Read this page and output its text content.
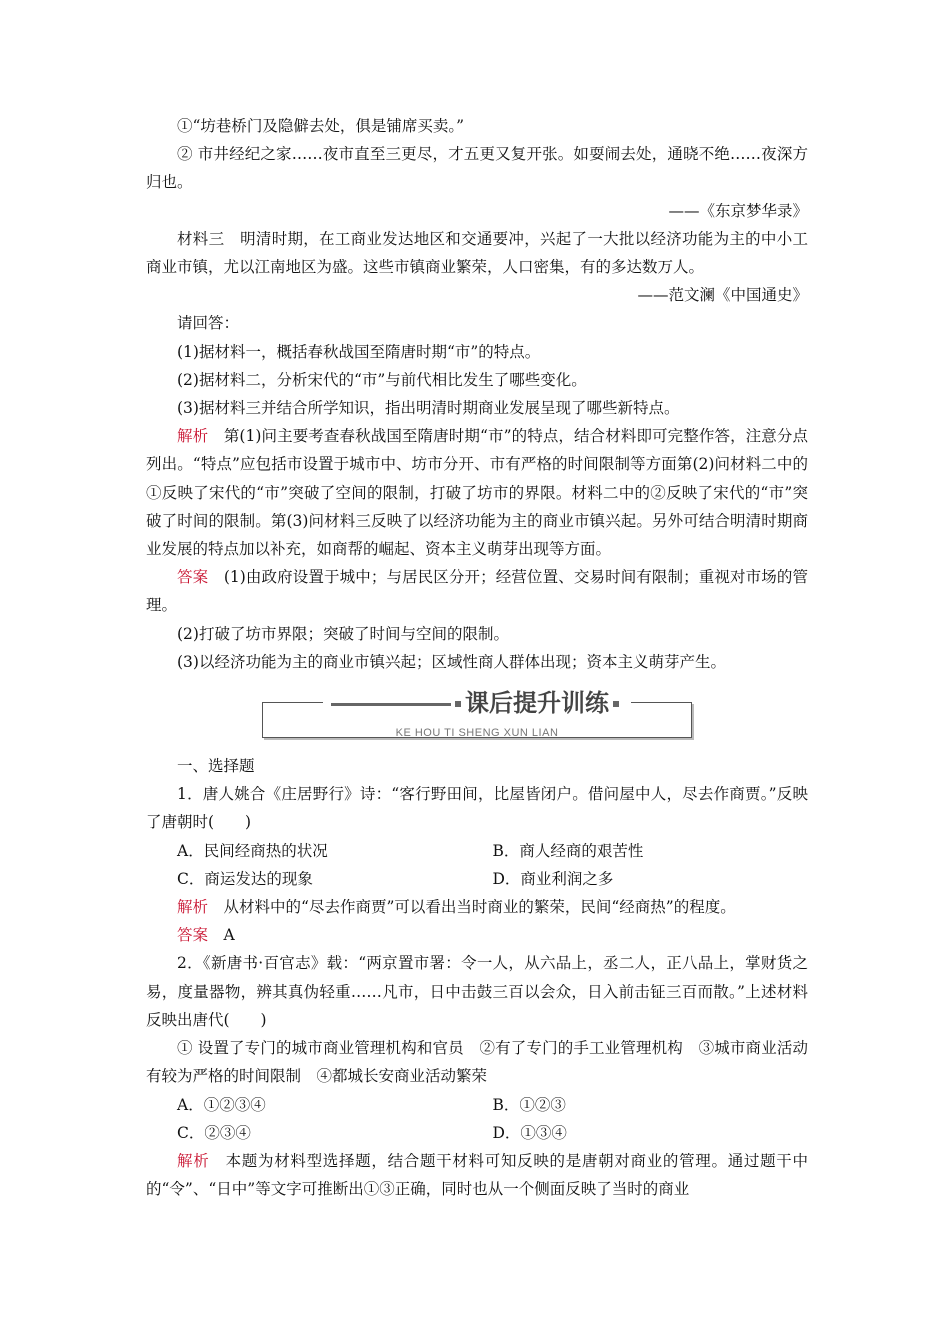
①“坊巷桥门及隐僻去处，俱是铺席买卖。”

② 市井经纪之家……夜市直至三更尽，才五更又复开张。如耍闹去处，通晓不绝……夜深方归也。

——《东京梦华录》

材料三　明清时期，在工商业发达地区和交通要冲，兴起了一大批以经济功能为主的中小工商业市镇，尤以江南地区为盛。这些市镇商业繁荣，人口密集，有的多达数万人。

——范文澜《中国通史》

请回答：

(1)据材料一，概括春秋战国至隋唐时期“市”的特点。

(2)据材料二，分析宋代的“市”与前代相比发生了哪些变化。

(3)据材料三并结合所学知识，指出明清时期商业发展呈现了哪些新特点。

解析　第(1)问主要考查春秋战国至隋唐时期“市”的特点，结合材料即可完整作答，注意分点列出。“特点”应包括市设置于城市中、坊市分开、市有严格的时间限制等方面第(2)问材料二中的①反映了宋代的“市”突破了空间的限制，打破了坊市的界限。材料二中的②反映了宋代的“市”突破了时间的限制。第(3)问材料三反映了以经济功能为主的商业市镇兴起。另外可结合明清时期商业发展的特点加以补充，如商帮的崛起、资本主义萌芽出现等方面。

答案　(1)由政府设置于城中；与居民区分开；经营位置、交易时间有限制；重视对市场的管理。

(2)打破了坊市界限；突破了时间与空间的限制。

(3)以经济功能为主的商业市镇兴起；区域性商人群体出现；资本主义萌芽产生。

课后提升训练
KE HOU TI SHENG XUN LIAN

一、选择题

1．唐人姚合《庄居野行》诗：“客行野田间，比屋皆闭户。借问屋中人，尽去作商贾。”反映了唐朝时(　　)

A．民间经商热的状况	B．商人经商的艰苦性
C．商运发达的现象	D．商业利润之多

解析　从材料中的“尽去作商贾”可以看出当时商业的繁荣，民间“经商热”的程度。

答案　A

2．《新唐书·百官志》载：“两京置市署：令一人，从六品上，丞二人，正八品上，掌财货之易，度量器物，辨其真伪轻重……凡市，日中击鼓三百以会众，日入前击钲三百而散。”上述材料反映出唐代(　　)

① 设置了专门的城市商业管理机构和官员　②有了专门的手工业管理机构　③城市商业活动有较为严格的时间限制　④都城长安商业活动繁荣

A．①②③④	B．①②③
C．②③④	D．①③④

解析　本题为材料型选择题，结合题干材料可知反映的是唐朝对商业的管理。通过题干中的“令”、“日中”等文字可推断出①③正确，同时也从一个侧面反映了当时的商业
